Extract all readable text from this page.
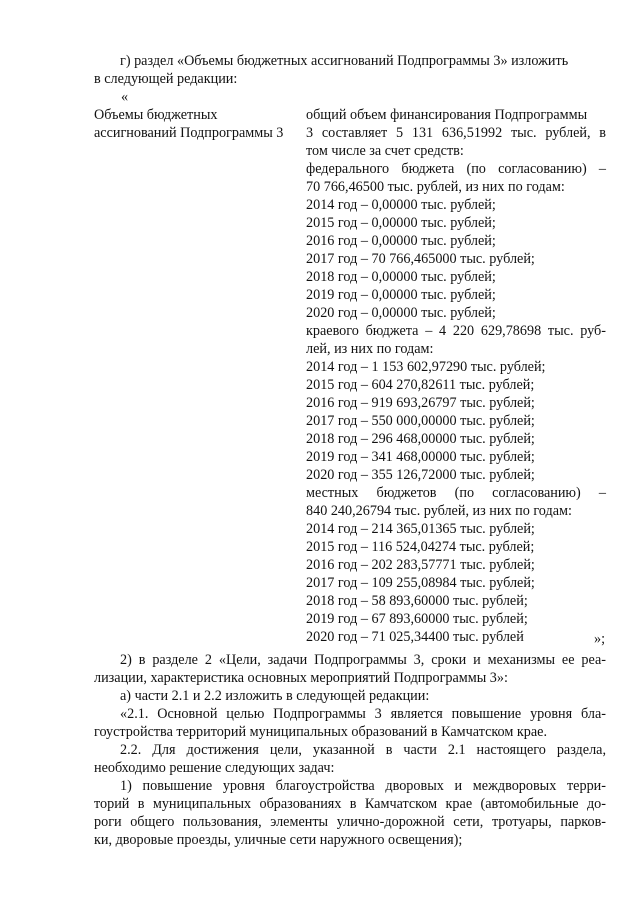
г) раздел «Объемы бюджетных ассигнований Подпрограммы 3» изложить
в следующей редакции:
«
Объемы бюджетных
ассигнований Подпрограммы 3
общий объем финансирования Подпрограммы
3 составляет 5 131 636,51992 тыс. рублей, в
том числе за счет средств:
федерального бюджета (по согласованию) –
70 766,46500 тыс. рублей, из них по годам:
2014 год – 0,00000 тыс. рублей;
2015 год – 0,00000 тыс. рублей;
2016 год – 0,00000 тыс. рублей;
2017 год – 70 766,465000 тыс. рублей;
2018 год – 0,00000 тыс. рублей;
2019 год – 0,00000 тыс. рублей;
2020 год – 0,00000 тыс. рублей;
краевого бюджета – 4 220 629,78698 тыс. руб-
лей, из них по годам:
2014 год – 1 153 602,97290 тыс. рублей;
2015 год – 604 270,82611 тыс. рублей;
2016 год – 919 693,26797 тыс. рублей;
2017 год – 550 000,00000 тыс. рублей;
2018 год – 296 468,00000 тыс. рублей;
2019 год – 341 468,00000 тыс. рублей;
2020 год – 355 126,72000 тыс. рублей;
местных бюджетов (по согласованию) –
840 240,26794 тыс. рублей, из них по годам:
2014 год – 214 365,01365 тыс. рублей;
2015 год – 116 524,04274 тыс. рублей;
2016 год – 202 283,57771 тыс. рублей;
2017 год – 109 255,08984 тыс. рублей;
2018 год – 58 893,60000 тыс. рублей;
2019 год – 67 893,60000 тыс. рублей;
2020 год – 71 025,34400 тыс. рублей	»;
2) в разделе 2 «Цели, задачи Подпрограммы 3, сроки и механизмы ее реа-
лизации, характеристика основных мероприятий Подпрограммы 3»:
а) части 2.1 и 2.2 изложить в следующей редакции:
«2.1. Основной целью Подпрограммы 3 является повышение уровня бла-
гоустройства территорий муниципальных образований в Камчатском крае.
2.2. Для достижения цели, указанной в части 2.1 настоящего раздела,
необходимо решение следующих задач:
1) повышение уровня благоустройства дворовых и междворовых терри-
торий в муниципальных образованиях в Камчатском крае (автомобильные до-
роги общего пользования, элементы улично-дорожной сети, тротуары, парков-
ки, дворовые проезды, уличные сети наружного освещения);
